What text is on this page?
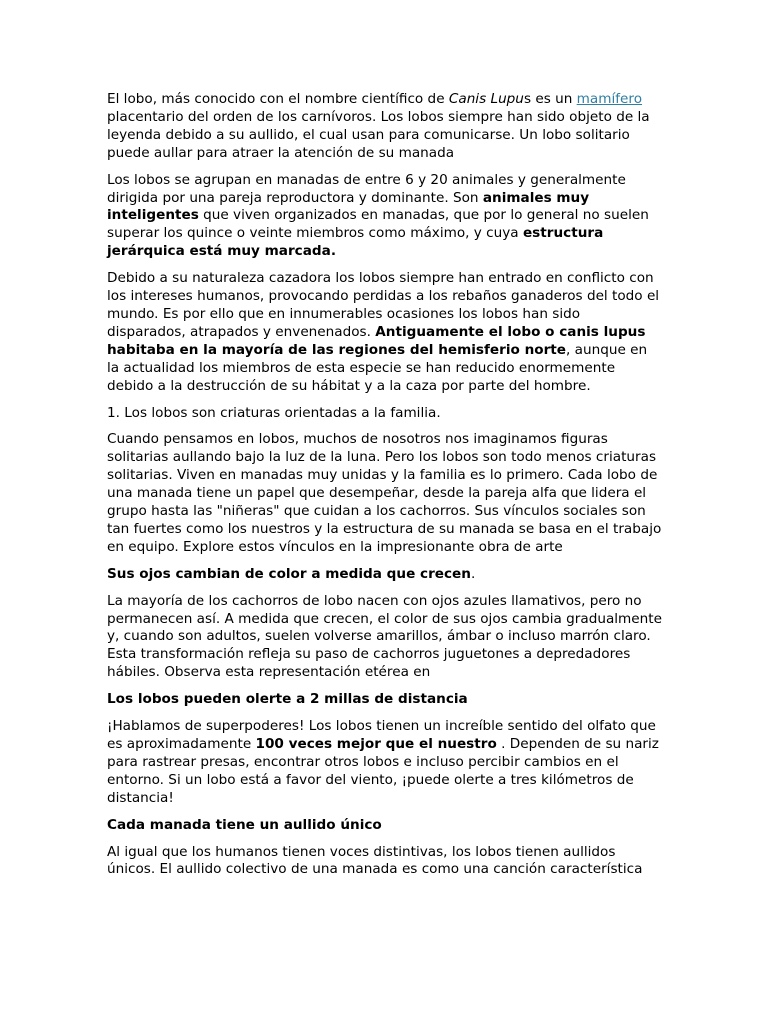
El lobo, más conocido con el nombre científico de Canis Lupus es un mamífero placentario del orden de los carnívoros. Los lobos siempre han sido objeto de la leyenda debido a su aullido, el cual usan para comunicarse. Un lobo solitario puede aullar para atraer la atención de su manada

Los lobos se agrupan en manadas de entre 6 y 20 animales y generalmente dirigida por una pareja reproductora y dominante. Son animales muy inteligentes que viven organizados en manadas, que por lo general no suelen superar los quince o veinte miembros como máximo, y cuya estructura jerárquica está muy marcada.

Debido a su naturaleza cazadora los lobos siempre han entrado en conflicto con los intereses humanos, provocando perdidas a los rebaños ganaderos del todo el mundo. Es por ello que en innumerables ocasiones los lobos han sido disparados, atrapados y envenenados. Antiguamente el lobo o canis lupus habitaba en la mayoría de las regiones del hemisferio norte, aunque en la actualidad los miembros de esta especie se han reducido enormemente debido a la destrucción de su hábitat y a la caza por parte del hombre.

1. Los lobos son criaturas orientadas a la familia.

Cuando pensamos en lobos, muchos de nosotros nos imaginamos figuras solitarias aullando bajo la luz de la luna. Pero los lobos son todo menos criaturas solitarias. Viven en manadas muy unidas y la familia es lo primero. Cada lobo de una manada tiene un papel que desempeñar, desde la pareja alfa que lidera el grupo hasta las "niñeras" que cuidan a los cachorros. Sus vínculos sociales son tan fuertes como los nuestros y la estructura de su manada se basa en el trabajo en equipo. Explore estos vínculos en la impresionante obra de arte

Sus ojos cambian de color a medida que crecen.

La mayoría de los cachorros de lobo nacen con ojos azules llamativos, pero no permanecen así. A medida que crecen, el color de sus ojos cambia gradualmente y, cuando son adultos, suelen volverse amarillos, ámbar o incluso marrón claro. Esta transformación refleja su paso de cachorros juguetones a depredadores hábiles. Observa esta representación etérea en

Los lobos pueden olerte a 2 millas de distancia

¡Hablamos de superpoderes! Los lobos tienen un increíble sentido del olfato que es aproximadamente 100 veces mejor que el nuestro . Dependen de su nariz para rastrear presas, encontrar otros lobos e incluso percibir cambios en el entorno. Si un lobo está a favor del viento, ¡puede olerte a tres kilómetros de distancia!

Cada manada tiene un aullido único

Al igual que los humanos tienen voces distintivas, los lobos tienen aullidos únicos. El aullido colectivo de una manada es como una canción característica
